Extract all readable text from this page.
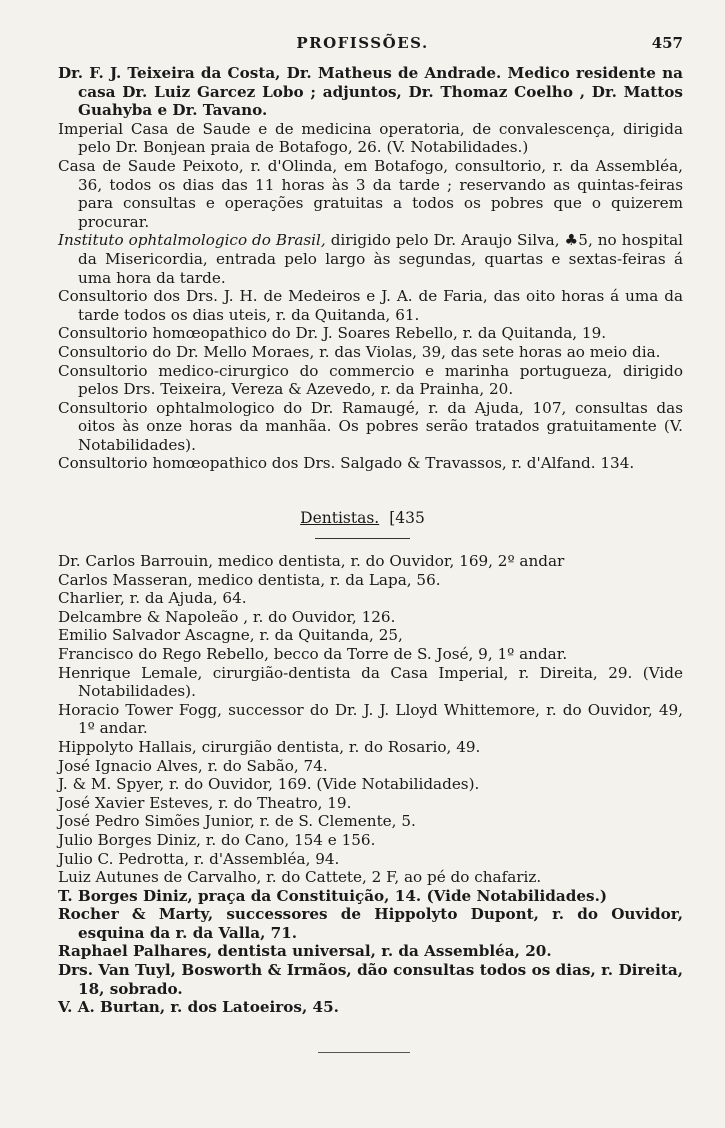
PROFISSÕES.	457

Dr. F. J. Teixeira da Costa, Dr. Matheus de Andrade. Medico residente na casa Dr. Luiz Garcez Lobo ; adjuntos, Dr. Thomaz Coelho , Dr. Mattos Guahyba e Dr. Tavano.

Imperial Casa de Saude e de medicina operatoria, de convalescença, dirigida pelo Dr. Bonjean praia de Botafogo, 26. (V. Notabilidades.)

Casa de Saude Peixoto, r. d'Olinda, em Botafogo, consultorio, r. da Assembléa, 36, todos os dias das 11 horas às 3 da tarde ; reservando as quintas-feiras para consultas e operações gratuitas a todos os pobres que o quizerem procurar.

Instituto ophtalmologico do Brasil, dirigido pelo Dr. Araujo Silva, ♣5, no hospital da Misericordia, entrada pelo largo às segundas, quartas e sextas-feiras á uma hora da tarde.

Consultorio dos Drs. J. H. de Medeiros e J. A. de Faria, das oito horas á uma da tarde todos os dias uteis, r. da Quitanda, 61.

Consultorio homœopathico do Dr. J. Soares Rebello, r. da Quitanda, 19.

Consultorio do Dr. Mello Moraes, r. das Violas, 39, das sete horas ao meio dia.

Consultorio medico-cirurgico do commercio e marinha portugueza, dirigido pelos Drs. Teixeira, Vereza & Azevedo, r. da Prainha, 20.

Consultorio ophtalmologico do Dr. Ramaugé, r. da Ajuda, 107, consultas das oitos às onze horas da manhãa. Os pobres serão tratados gratuitamente (V. Notabilidades).

Consultorio homœopathico dos Drs. Salgado & Travassos, r. d'Alfand. 134.

Dentistas. [435

Dr. Carlos Barrouin, medico dentista, r. do Ouvidor, 169, 2º andar

Carlos Masseran, medico dentista, r. da Lapa, 56.

Charlier, r. da Ajuda, 64.

Delcambre & Napoleão , r. do Ouvidor, 126.

Emilio Salvador Ascagne, r. da Quitanda, 25,

Francisco do Rego Rebello, becco da Torre de S. José, 9, 1º andar.

Henrique Lemale, cirurgião-dentista da Casa Imperial, r. Direita, 29. (Vide Notabilidades).

Horacio Tower Fogg, successor do Dr. J. J. Lloyd Whittemore, r. do Ouvidor, 49, 1º andar.

Hippolyto Hallais, cirurgião dentista, r. do Rosario, 49.

José Ignacio Alves, r. do Sabão, 74.

J. & M. Spyer, r. do Ouvidor, 169. (Vide Notabilidades).

José Xavier Esteves, r. do Theatro, 19.

José Pedro Simões Junior, r. de S. Clemente, 5.

Julio Borges Diniz, r. do Cano, 154 e 156.

Julio C. Pedrotta, r. d'Assembléa, 94.

Luiz Autunes de Carvalho, r. do Cattete, 2 F, ao pé do chafariz.

T. Borges Diniz, praça da Constituição, 14. (Vide Notabilidades.)

Rocher & Marty, successores de Hippolyto Dupont, r. do Ouvidor, esquina da r. da Valla, 71.

Raphael Palhares, dentista universal, r. da Assembléa, 20.

Drs. Van Tuyl, Bosworth & Irmãos, dão consultas todos os dias, r. Direita, 18, sobrado.

V. A. Burtan, r. dos Latoeiros, 45.
